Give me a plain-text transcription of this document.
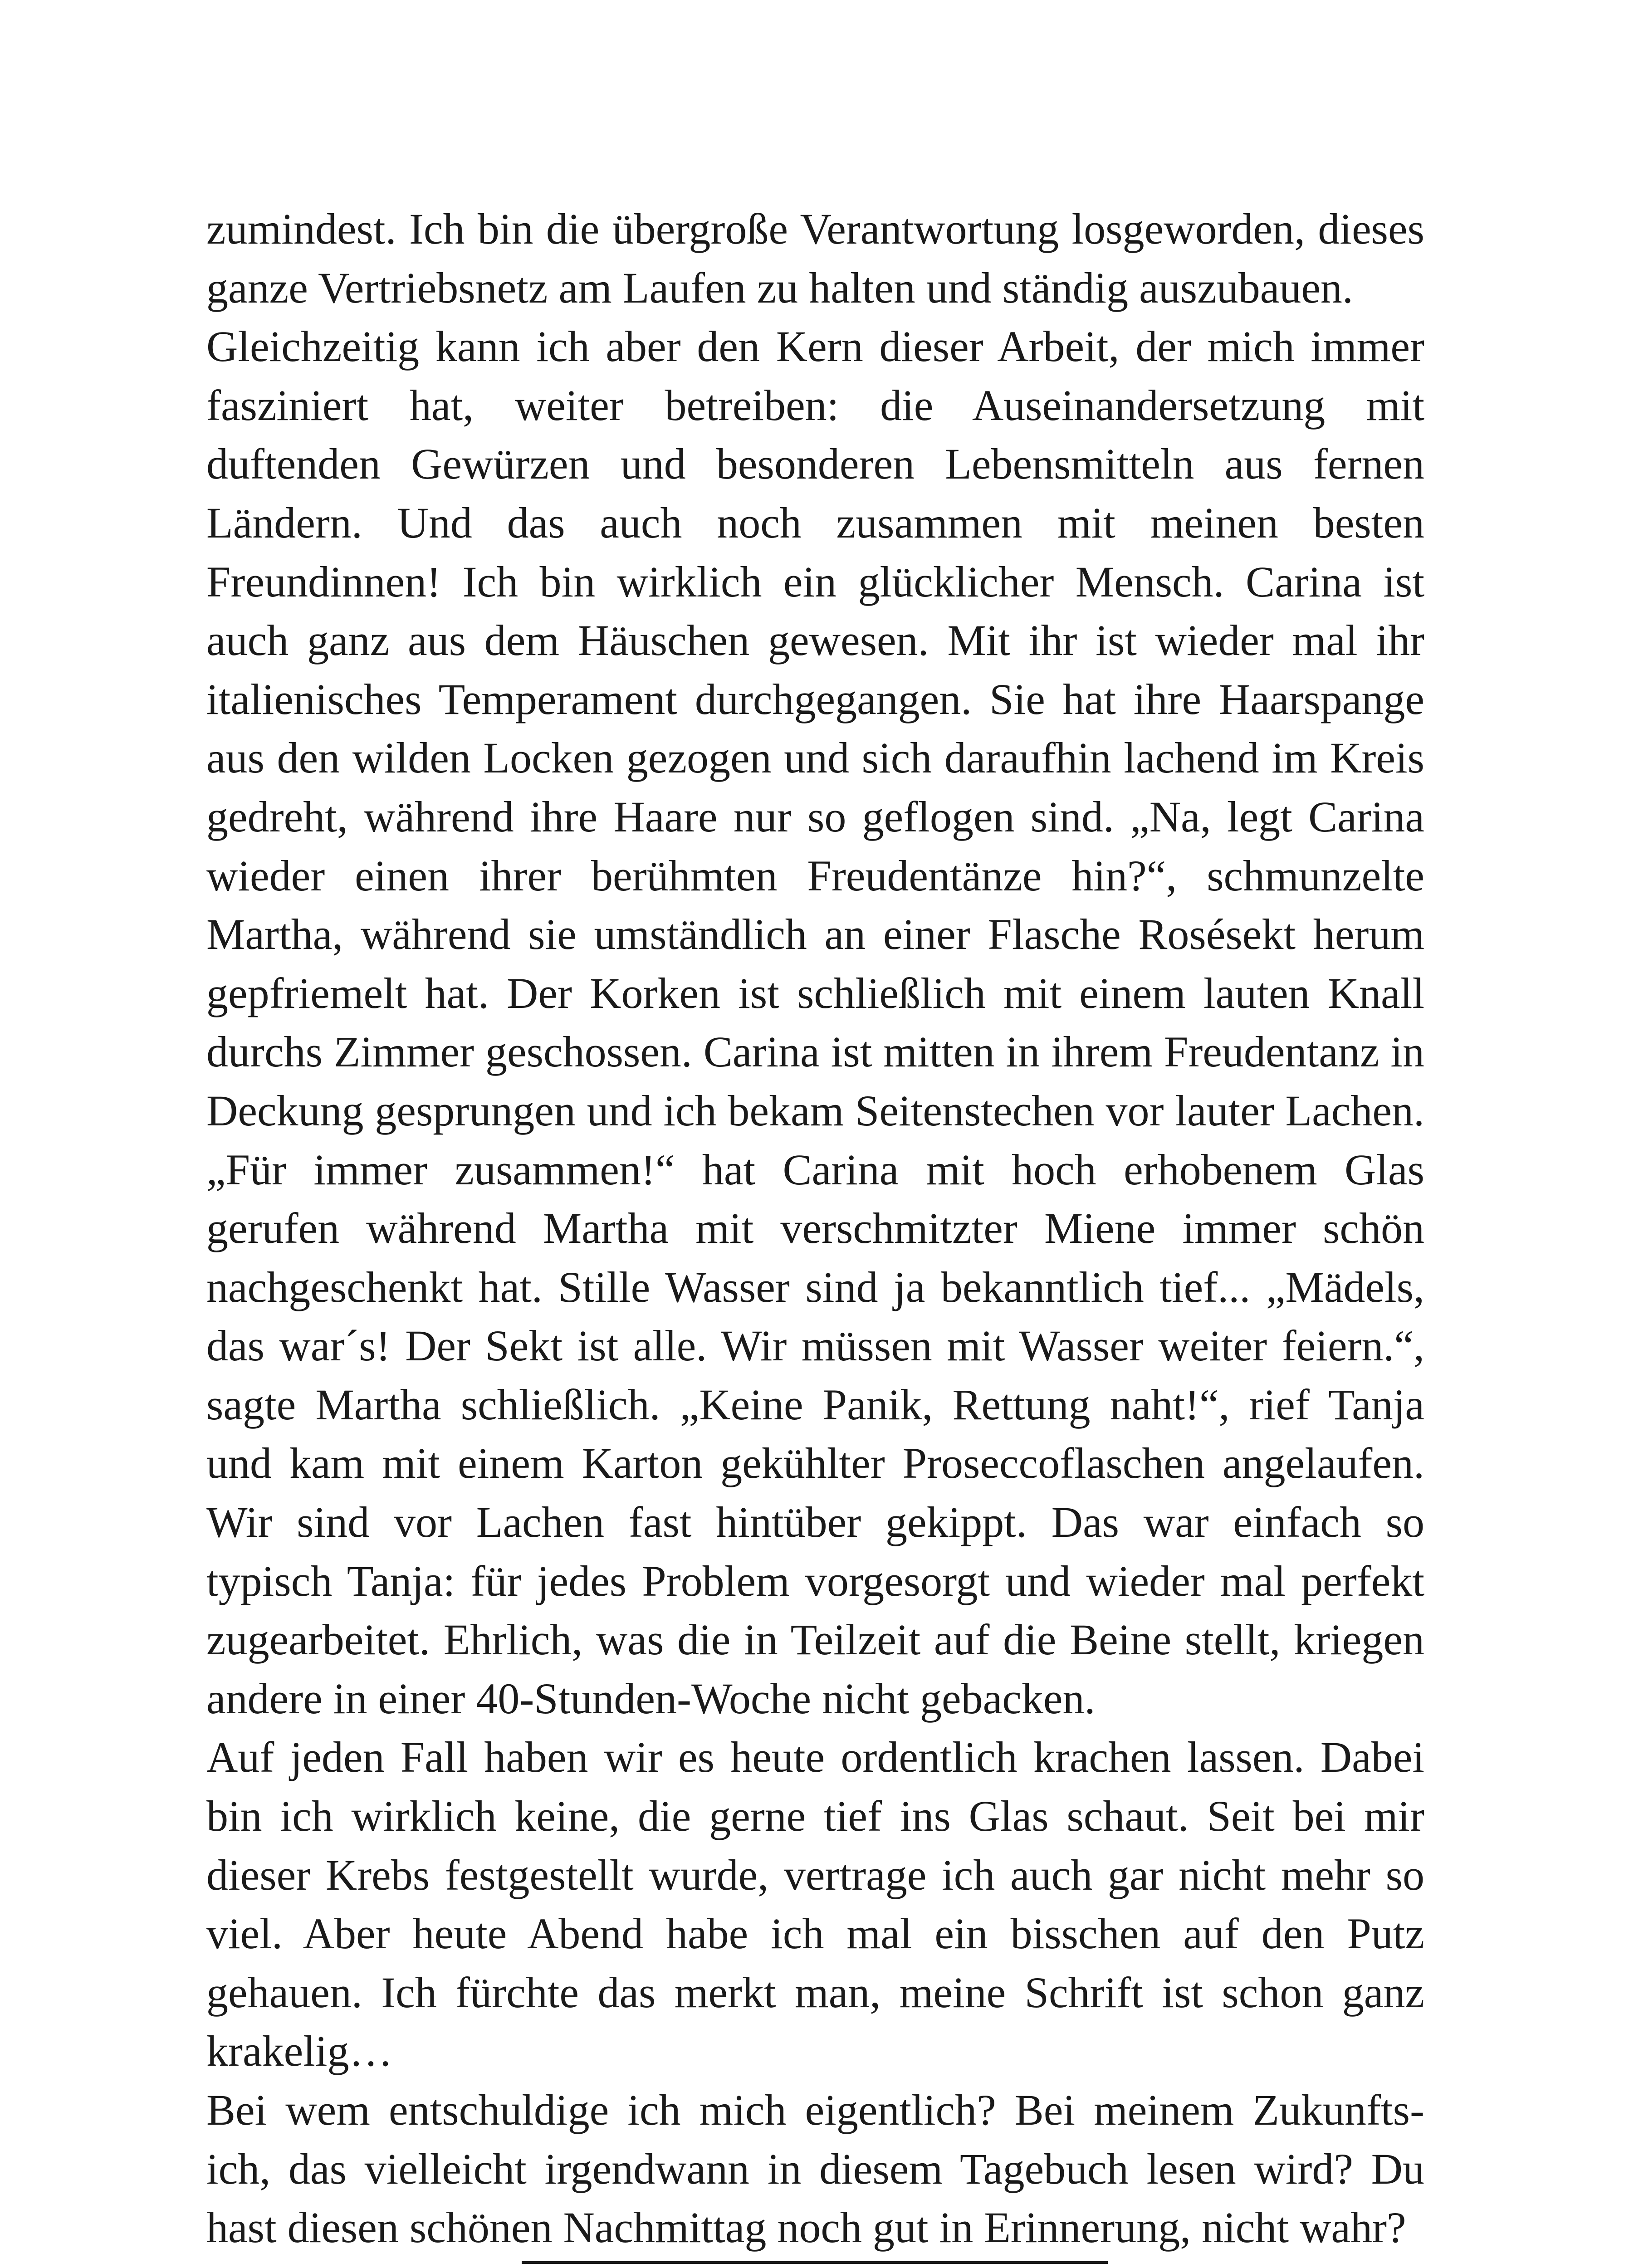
zumindest. Ich bin die übergroße Verantwortung losgeworden, dieses ganze Vertriebsnetz am Laufen zu halten und ständig auszubauen.

Gleichzeitig kann ich aber den Kern dieser Arbeit, der mich immer fasziniert hat, weiter betreiben: die Auseinandersetzung mit duftenden Gewürzen und besonderen Lebensmitteln aus fernen Ländern. Und das auch noch zusammen mit meinen besten Freundinnen! Ich bin wirklich ein glücklicher Mensch. Carina ist auch ganz aus dem Häuschen gewesen. Mit ihr ist wieder mal ihr italienisches Temperament durchgegangen. Sie hat ihre Haarspange aus den wilden Locken gezogen und sich daraufhin lachend im Kreis gedreht, während ihre Haare nur so geflogen sind. „Na, legt Carina wieder einen ihrer berühmten Freudentänze hin?“, schmunzelte Martha, während sie umständlich an einer Flasche Rosésekt herum gepfriemelt hat. Der Korken ist schließlich mit einem lauten Knall durchs Zimmer geschossen. Carina ist mitten in ihrem Freudentanz in Deckung gesprungen und ich bekam Seitenstechen vor lauter Lachen. „Für immer zusammen!“ hat Carina mit hoch erhobenem Glas gerufen während Martha mit verschmitzter Miene immer schön nachgeschenkt hat. Stille Wasser sind ja bekanntlich tief... „Mädels, das war´s! Der Sekt ist alle. Wir müssen mit Wasser weiter feiern.“, sagte Martha schließlich. „Keine Panik, Rettung naht!“, rief Tanja und kam mit einem Karton gekühlter Proseccoflaschen angelaufen. Wir sind vor Lachen fast hintüber gekippt. Das war einfach so typisch Tanja: für jedes Problem vorgesorgt und wieder mal perfekt zugearbeitet. Ehrlich, was die in Teilzeit auf die Beine stellt, kriegen andere in einer 40-Stunden-Woche nicht gebacken.

Auf jeden Fall haben wir es heute ordentlich krachen lassen. Dabei bin ich wirklich keine, die gerne tief ins Glas schaut. Seit bei mir dieser Krebs festgestellt wurde, vertrage ich auch gar nicht mehr so viel. Aber heute Abend habe ich mal ein bisschen auf den Putz gehauen. Ich fürchte das merkt man, meine Schrift ist schon ganz krakelig…

Bei wem entschuldige ich mich eigentlich? Bei meinem Zukunfts-ich, das vielleicht irgendwann in diesem Tagebuch lesen wird? Du hast diesen schönen Nachmittag noch gut in Erinnerung, nicht wahr?
